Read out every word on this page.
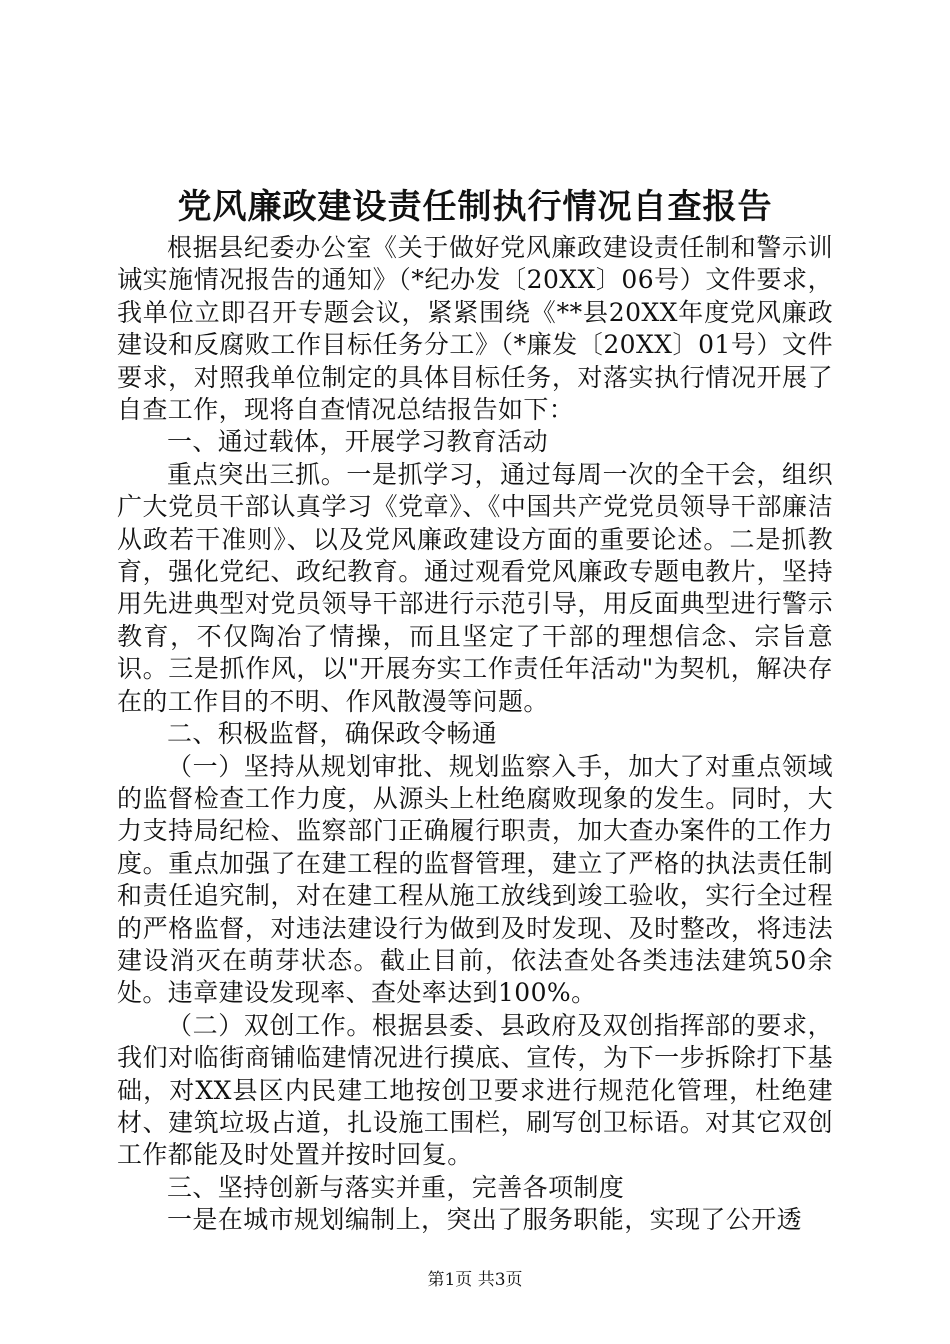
党风廉政建设责任制执行情况自查报告

根据县纪委办公室《关于做好党风廉政建设责任制和警示训诫实施情况报告的通知》（*纪办发〔20XX〕06号）文件要求，我单位立即召开专题会议，紧紧围绕《**县20XX年度党风廉政建设和反腐败工作目标任务分工》（*廉发〔20XX〕01号）文件要求，对照我单位制定的具体目标任务，对落实执行情况开展了自查工作，现将自查情况总结报告如下：

一、通过载体，开展学习教育活动

重点突出三抓。一是抓学习，通过每周一次的全干会，组织广大党员干部认真学习《党章》、《中国共产党党员领导干部廉洁从政若干准则》、以及党风廉政建设方面的重要论述。二是抓教育，强化党纪、政纪教育。通过观看党风廉政专题电教片，坚持用先进典型对党员领导干部进行示范引导，用反面典型进行警示教育，不仅陶冶了情操，而且坚定了干部的理想信念、宗旨意识。三是抓作风，以"开展夯实工作责任年活动"为契机，解决存在的工作目的不明、作风散漫等问题。

二、积极监督，确保政令畅通

（一）坚持从规划审批、规划监察入手，加大了对重点领域的监督检查工作力度，从源头上杜绝腐败现象的发生。同时，大力支持局纪检、监察部门正确履行职责，加大查办案件的工作力度。重点加强了在建工程的监督管理，建立了严格的执法责任制和责任追究制，对在建工程从施工放线到竣工验收，实行全过程的严格监督，对违法建设行为做到及时发现、及时整改，将违法建设消灭在萌芽状态。截止目前，依法查处各类违法建筑50余处。违章建设发现率、查处率达到100%。

（二）双创工作。根据县委、县政府及双创指挥部的要求，我们对临街商铺临建情况进行摸底、宣传，为下一步拆除打下基础，对XX县区内民建工地按创卫要求进行规范化管理，杜绝建材、建筑垃圾占道，扎设施工围栏，刷写创卫标语。对其它双创工作都能及时处置并按时回复。

三、坚持创新与落实并重，完善各项制度

一是在城市规划编制上，突出了服务职能，实现了公开透

第1页 共3页
